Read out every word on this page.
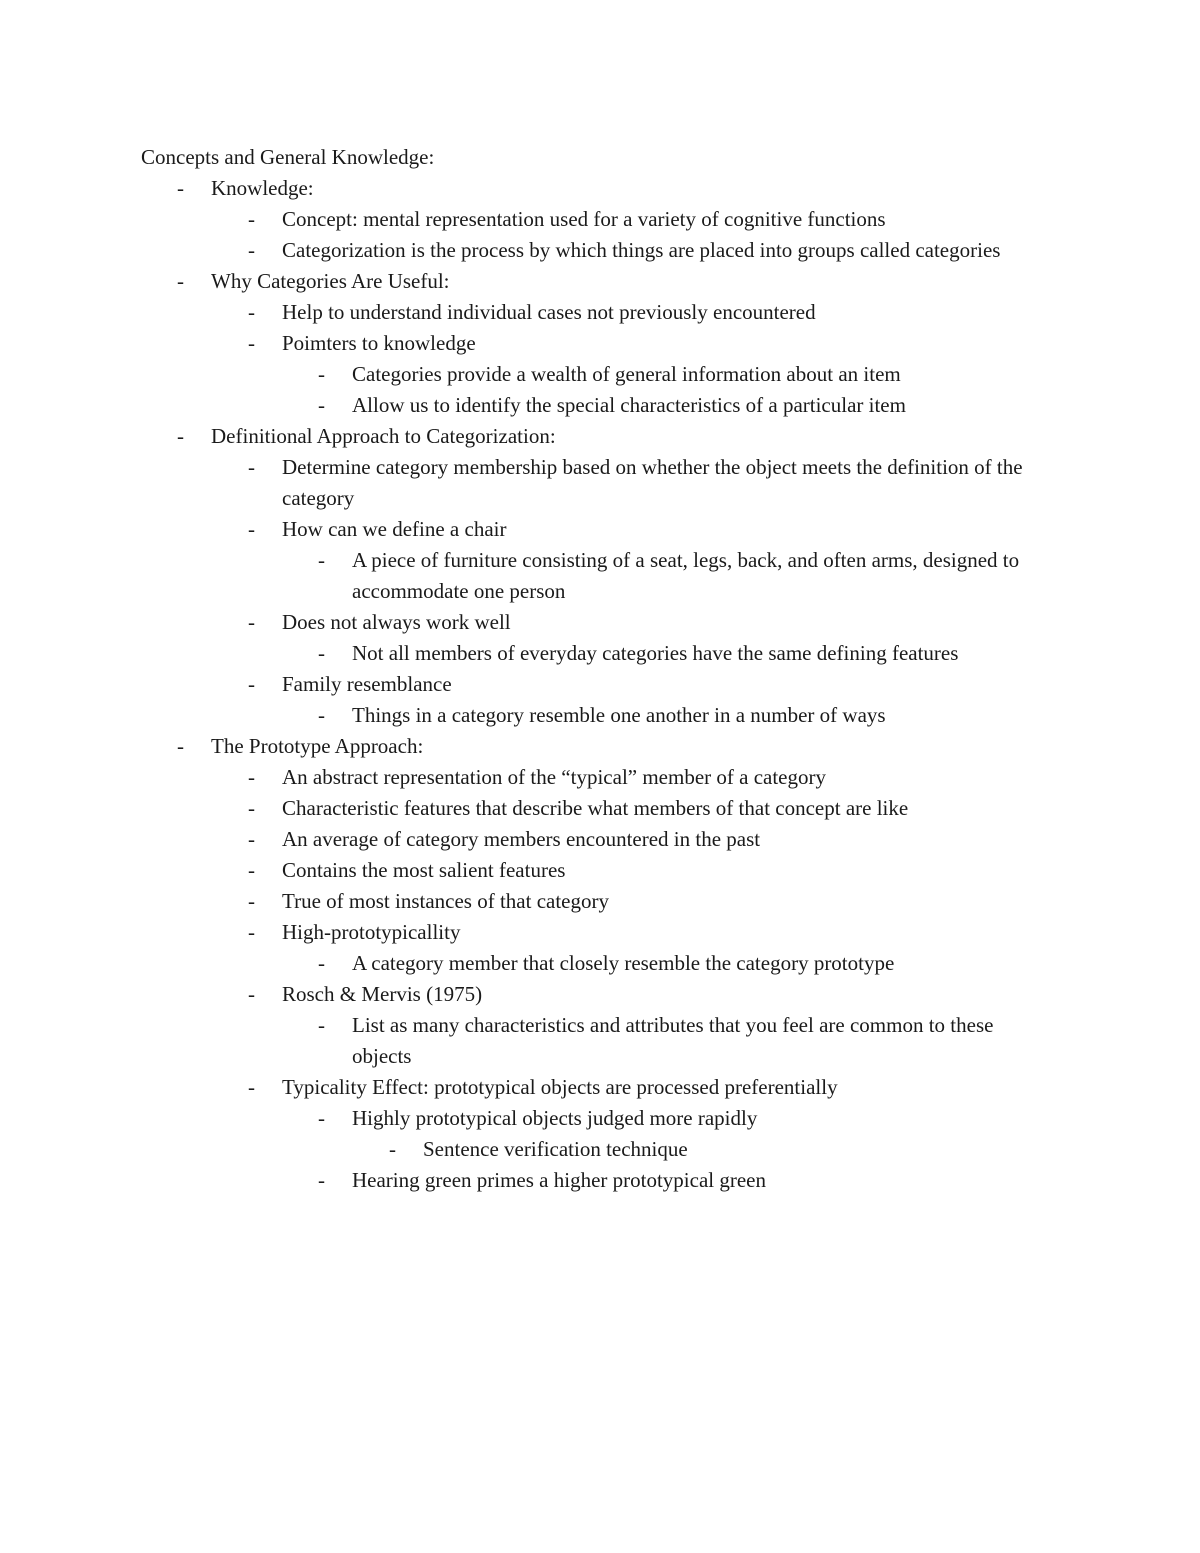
Concepts and General Knowledge:
- Knowledge:
- Concept: mental representation used for a variety of cognitive functions
- Categorization is the process by which things are placed into groups called categories
- Why Categories Are Useful:
- Help to understand individual cases not previously encountered
- Poimters to knowledge
- Categories provide a wealth of general information about an item
- Allow us to identify the special characteristics of a particular item
- Definitional Approach to Categorization:
- Determine category membership based on whether the object meets the definition of the category
- How can we define a chair
- A piece of furniture consisting of a seat, legs, back, and often arms, designed to accommodate one person
- Does not always work well
- Not all members of everyday categories have the same defining features
- Family resemblance
- Things in a category resemble one another in a number of ways
- The Prototype Approach:
- An abstract representation of the “typical” member of a category
- Characteristic features that describe what members of that concept are like
- An average of category members encountered in the past
- Contains the most salient features
- True of most instances of that category
- High-prototypicallity
- A category member that closely resemble the category prototype
- Rosch & Mervis (1975)
- List as many characteristics and attributes that you feel are common to these objects
- Typicality Effect: prototypical objects are processed preferentially
- Highly prototypical objects judged more rapidly
- Sentence verification technique
- Hearing green primes a higher prototypical green
